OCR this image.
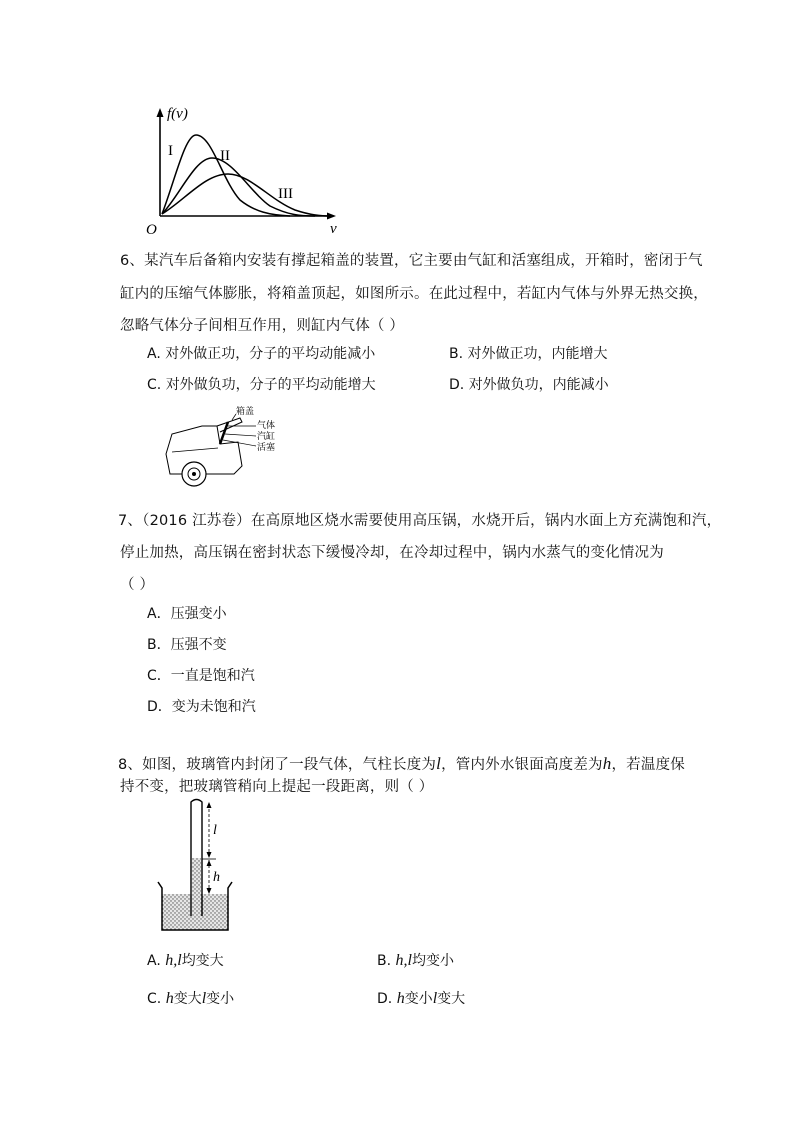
f(v)
v
O
I	II
III
6、某汽车后备箱内安装有撑起箱盖的装置，它主要由气缸和活塞组成，开箱时，密闭于气
缸内的压缩气体膨胀，将箱盖顶起，如图所示。在此过程中，若缸内气体与外界无热交换，
忽略气体分子间相互作用，则缸内气体（ ）
A. 对外做正功，分子的平均动能减小	B. 对外做正功，内能增大
C. 对外做负功，分子的平均动能增大	D. 对外做负功，内能减小
箱盖
气体
汽缸
活塞
7、（2016 江苏卷）在高原地区烧水需要使用高压锅，水烧开后，锅内水面上方充满饱和汽，
停止加热，高压锅在密封状态下缓慢冷却，在冷却过程中，锅内水蒸气的变化情况为
（ ）
A．压强变小
B．压强不变
C．一直是饱和汽
D．变为未饱和汽
8、如图，玻璃管内封闭了一段气体，气柱长度为l，管内外水银面高度差为h，若温度保
持不变，把玻璃管稍向上提起一段距离，则（ ）
l
h
A. h,l均变大	B. h,l均变小
C. h变大l变小	D. h变小l变大
